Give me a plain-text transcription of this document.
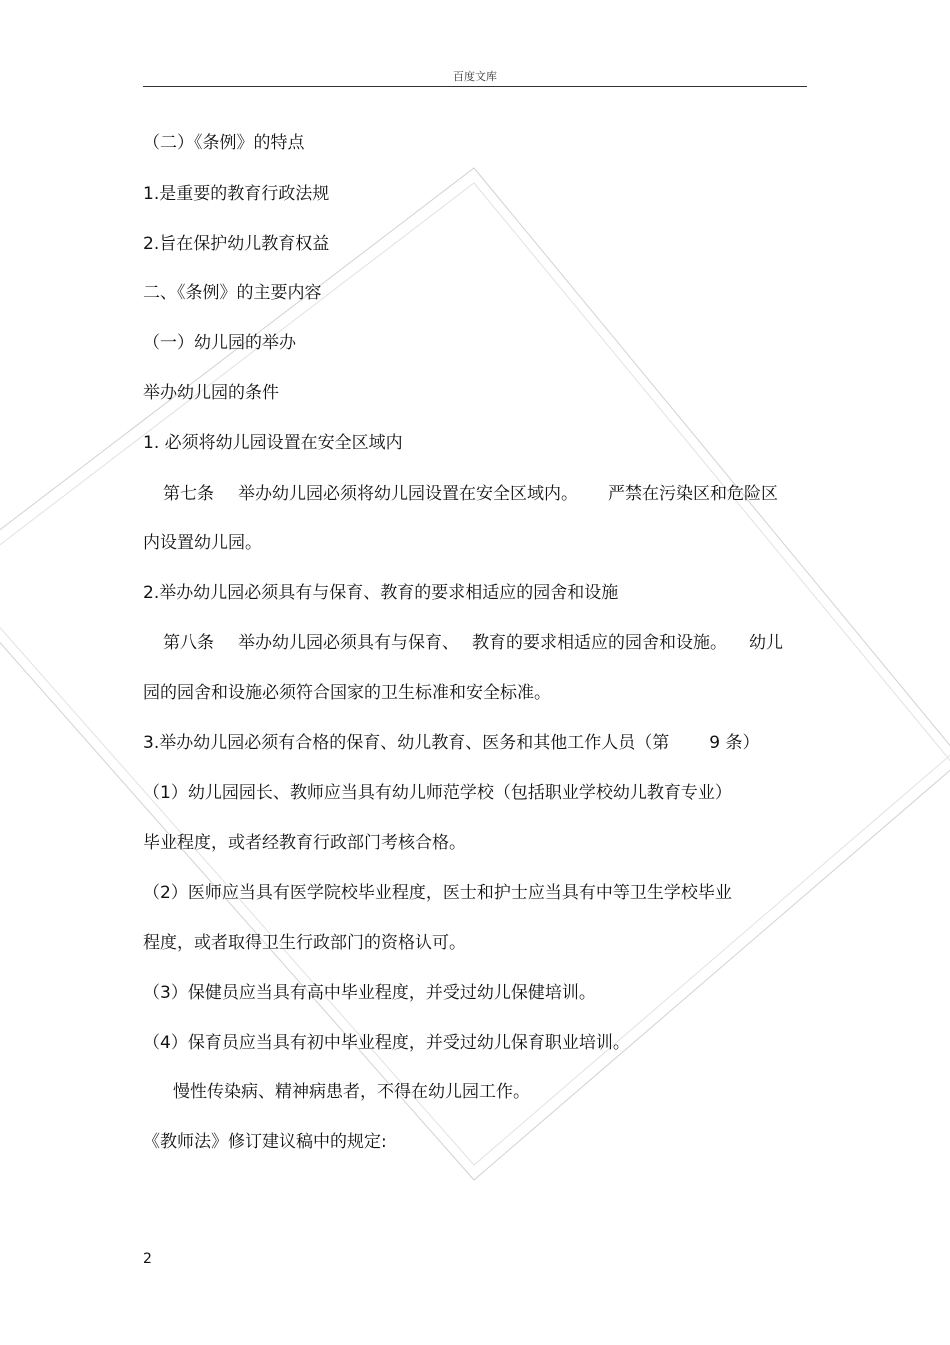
百度文库
（二）《条例》的特点
1.是重要的教育行政法规
2.旨在保护幼儿教育权益
二、《条例》的主要内容
（一）幼儿园的举办
举办幼儿园的条件
1. 必须将幼儿园设置在安全区域内
第七条 举办幼儿园必须将幼儿园设置在安全区域内。 严禁在污染区和危险区
内设置幼儿园。
2.举办幼儿园必须具有与保育、教育的要求相适应的园舍和设施
第八条 举办幼儿园必须具有与保育、 教育的要求相适应的园舍和设施。 幼儿
园的园舍和设施必须符合国家的卫生标准和安全标准。
3.举办幼儿园必须有合格的保育、幼儿教育、医务和其他工作人员（第 9 条）
（1）幼儿园园长、教师应当具有幼儿师范学校（包括职业学校幼儿教育专业）
毕业程度，或者经教育行政部门考核合格。
（2）医师应当具有医学院校毕业程度，医士和护士应当具有中等卫生学校毕业
程度，或者取得卫生行政部门的资格认可。
（3）保健员应当具有高中毕业程度，并受过幼儿保健培训。
（4）保育员应当具有初中毕业程度，并受过幼儿保育职业培训。
慢性传染病、精神病患者，不得在幼儿园工作。
《教师法》修订建议稿中的规定:
2
